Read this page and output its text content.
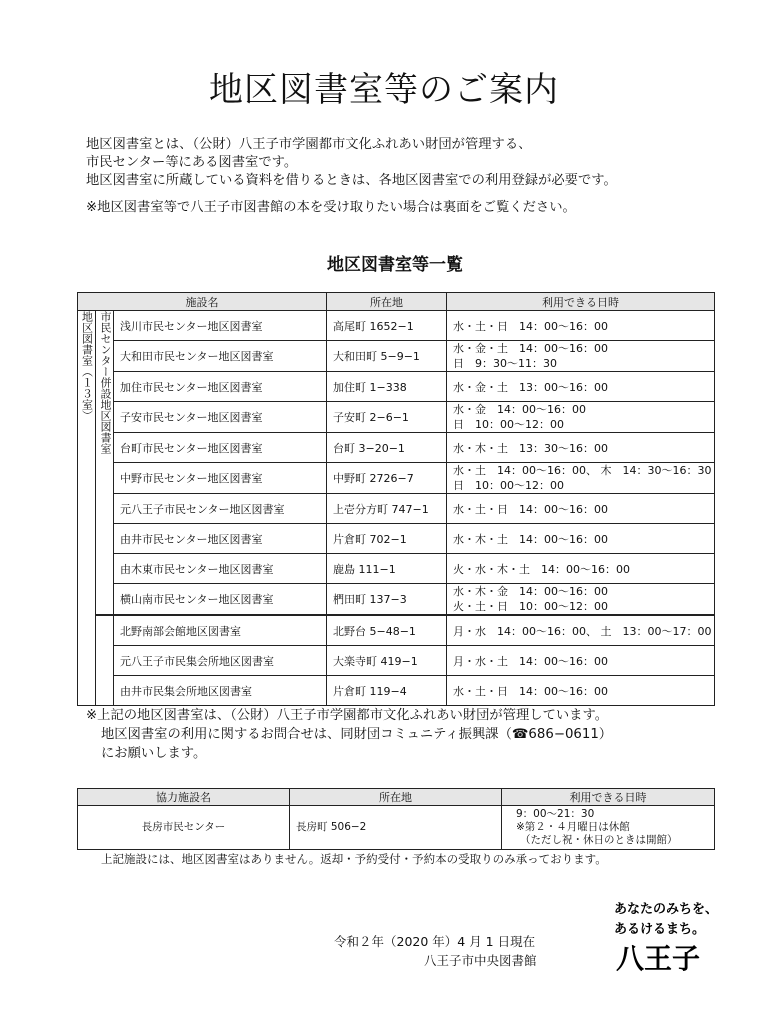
地区図書室等のご案内

地区図書室とは、（公財）八王子市学園都市文化ふれあい財団が管理する、

市民センター等にある図書室です。

地区図書室に所蔵している資料を借りるときは、各地区図書室での利用登録が必要です。

※地区図書室等で八王子市図書館の本を受け取りたい場合は裏面をご覧ください。

地区図書室等一覧
施設名			所在地	利用できる日時
地区図書室（１３室）	市民センター併設地区図書室	浅川市民センター地区図書室	高尾町 1652−1	水・土・日　14：00〜16：00

		大和田市民センター地区図書室	大和田町 5−9−1	水・金・土　14：00〜16：00
日　9：30〜11：30

		加住市民センター地区図書室	加住町 1−338	水・金・土　13：00〜16：00

		子安市民センター地区図書室	子安町 2−6−1	水・金　14：00〜16：00
日　10：00〜12：00

		台町市民センター地区図書室	台町 3−20−1	水・木・土　13：30〜16：00

		中野市民センター地区図書室	中野町 2726−7	水・土　14：00〜16：00、 木　14：30〜16：30
日　10：00〜12：00

		元八王子市民センター地区図書室	上壱分方町 747−1	水・土・日　14：00〜16：00

		由井市民センター地区図書室	片倉町 702−1	水・木・土　14：00〜16：00

		由木東市民センター地区図書室	鹿島 111−1	火・水・木・土　14：00〜16：00

		横山南市民センター地区図書室	椚田町 137−3	水・木・金　14：00〜16：00
火・土・日　10：00〜12：00

		北野南部会館地区図書室	北野台 5−48−1	月・水　14：00〜16：00、 土　13：00〜17：00

		元八王子市民集会所地区図書室	大楽寺町 419−1	月・水・土　14：00〜16：00

		由井市民集会所地区図書室	片倉町 119−4	水・土・日　14：00〜16：00

※上記の地区図書室は、（公財）八王子市学園都市文化ふれあい財団が管理しています。

地区図書室の利用に関するお問合せは、同財団コミュニティ振興課（☎686−0611）

にお願いします。

協力施設名	所在地	利用できる日時
長房市民センター	長房町 506−2	9：00〜21：30
※第２・４月曜日は休館
（ただし祝・休日のときは開館）

上記施設には、地区図書室はありません。返却・予約受付・予約本の受取りのみ承っております。

令和２年（2020 年）4 月 1 日現在

八王子市中央図書館

あなたのみちを、
あるけるまち。
八王子
